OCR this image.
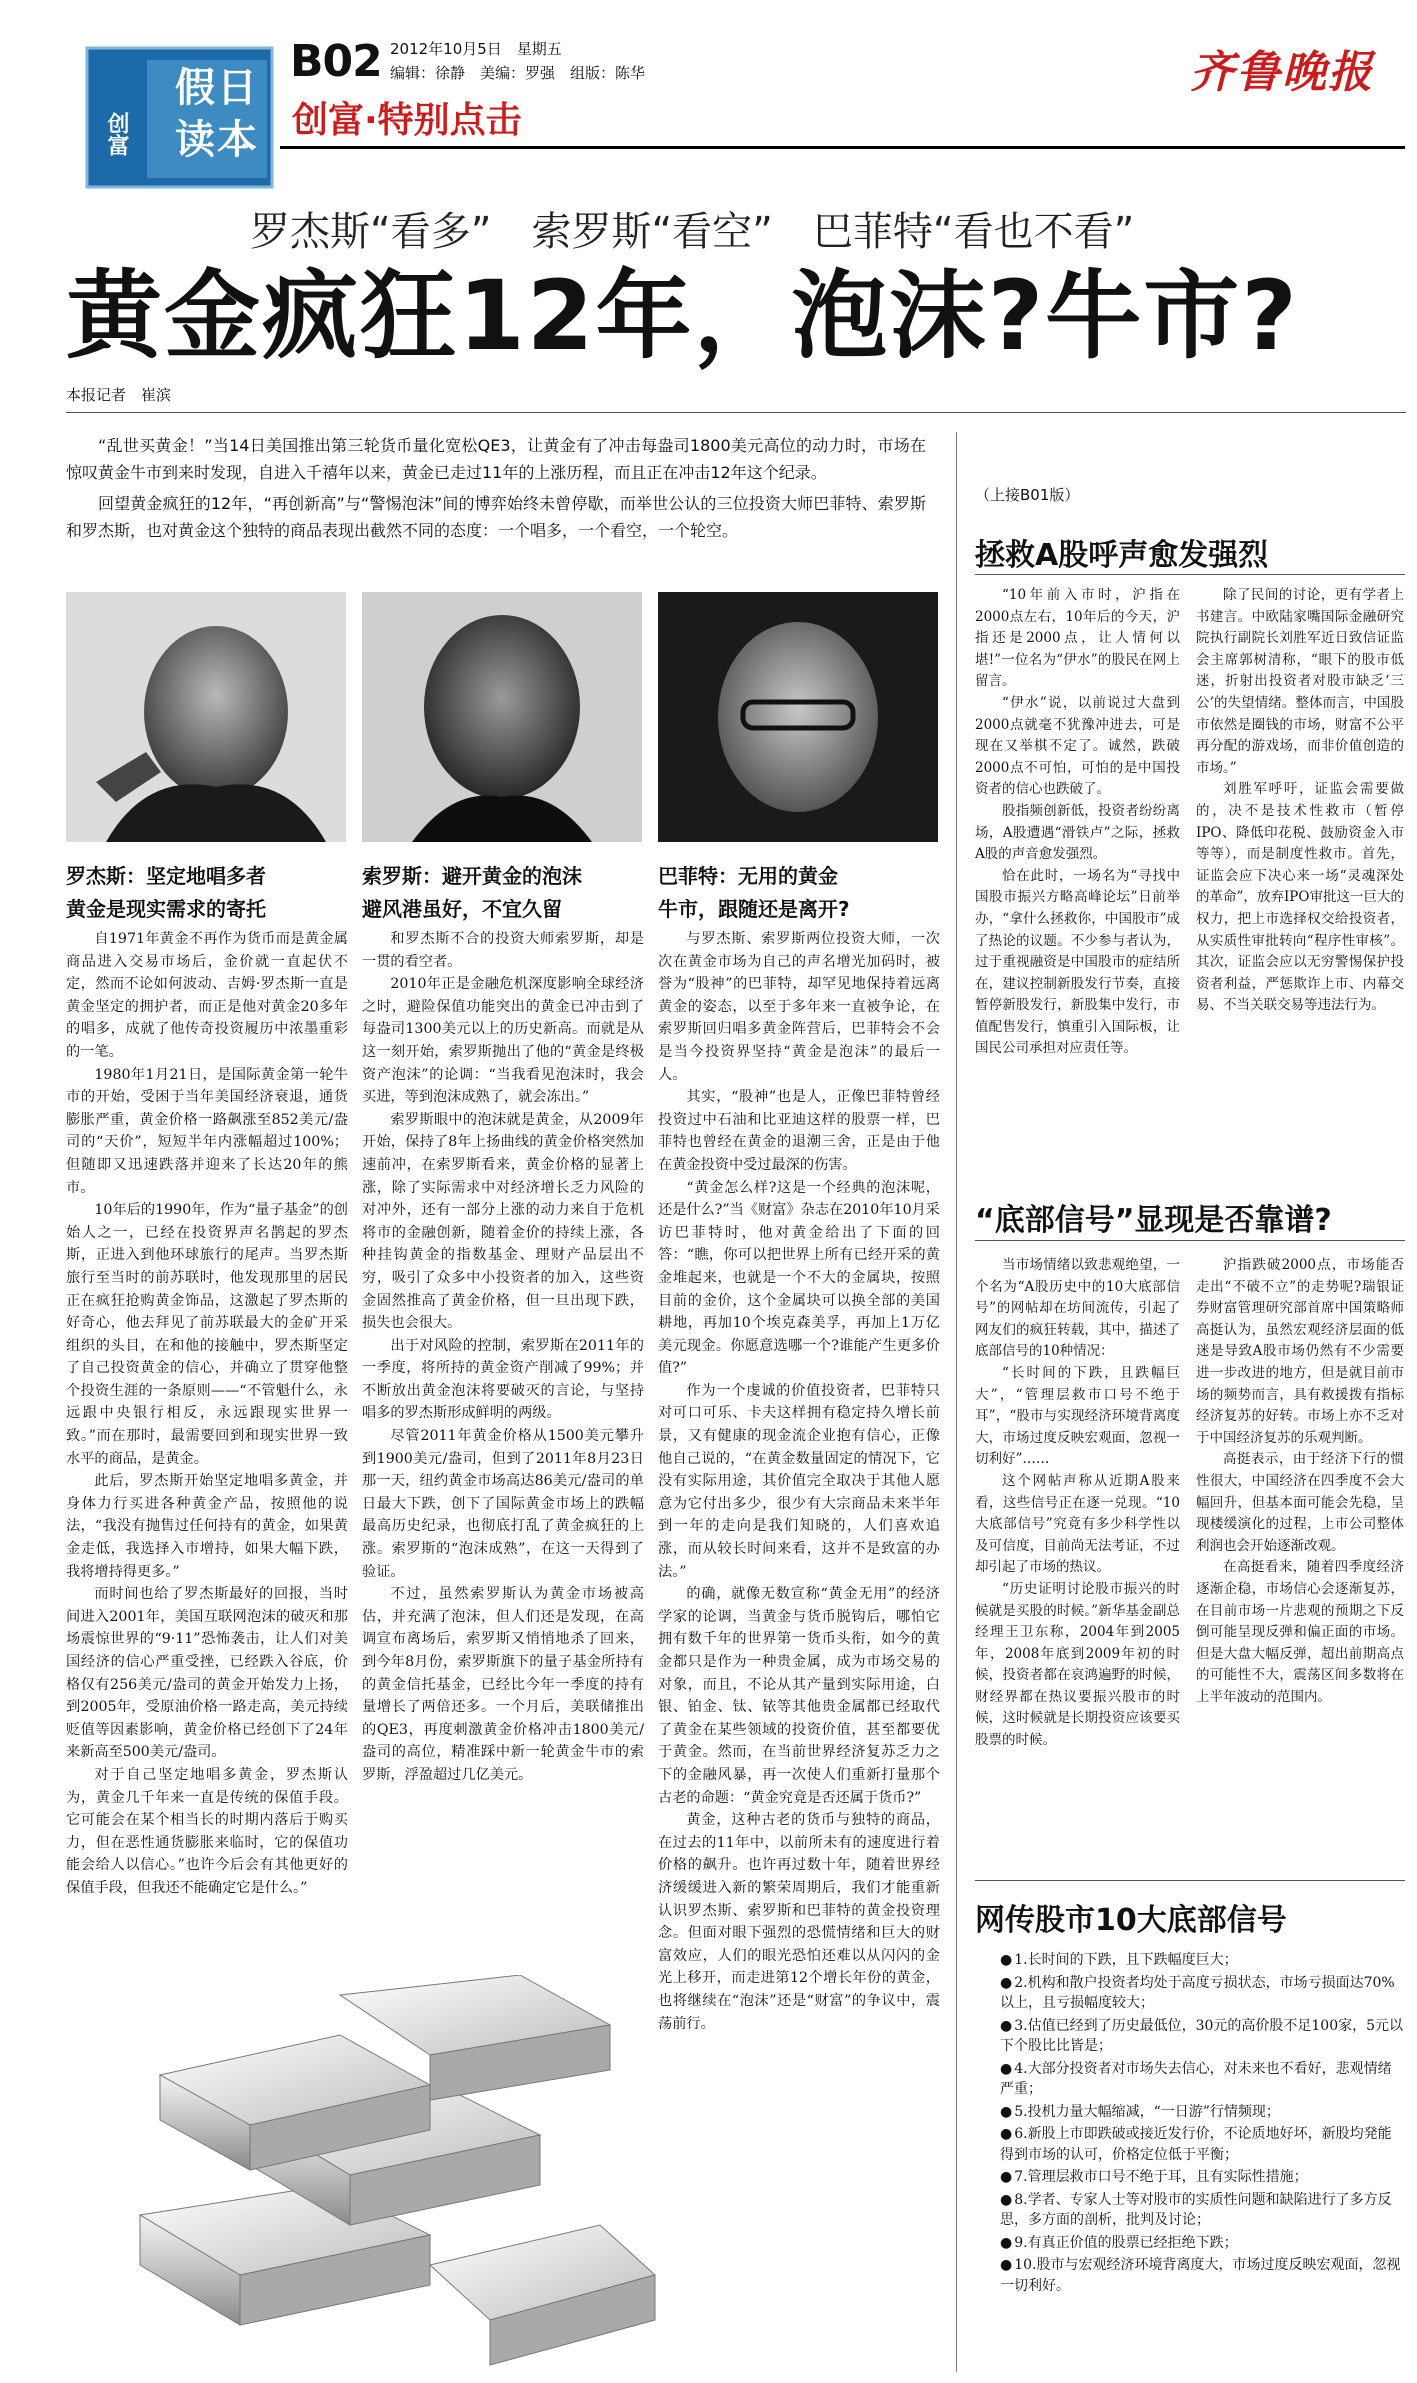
假日
读本
创富
B02 2012年10月5日　星期五
编辑：徐静　美编：罗强　组版：陈华	齐鲁晚报
创富·特别点击
罗杰斯“看多”　索罗斯“看空”　巴菲特“看也不看”
黄金疯狂12年，泡沫?牛市?
本报记者　崔滨

“乱世买黄金！”当14日美国推出第三轮货币量化宽松QE3，让黄金有了冲击每盎司1800美元高位的动力时，市场在惊叹黄金牛市到来时发现，自进入千禧年以来，黄金已走过11年的上涨历程，而且正在冲击12年这个纪录。

回望黄金疯狂的12年，“再创新高”与“警惕泡沫”间的博弈始终未曾停歇，而举世公认的三位投资大师巴菲特、索罗斯和罗杰斯，也对黄金这个独特的商品表现出截然不同的态度：一个唱多，一个看空，一个轮空。

罗杰斯：坚定地唱多者
黄金是现实需求的寄托
索罗斯：避开黄金的泡沫
避风港虽好，不宜久留
巴菲特：无用的黄金
牛市，跟随还是离开?

自1971年黄金不再作为货币而是黄金属商品进入交易市场后，金价就一直起伏不定，然而不论如何波动、吉姆·罗杰斯一直是黄金坚定的拥护者，而正是他对黄金20多年的唱多，成就了他传奇投资履历中浓墨重彩的一笔。

1980年1月21日，是国际黄金第一轮牛市的开始，受困于当年美国经济衰退，通货膨胀严重，黄金价格一路飙涨至852美元/盎司的“天价”，短短半年内涨幅超过100%；但随即又迅速跌落并迎来了长达20年的熊市。

10年后的1990年，作为“量子基金”的创始人之一，已经在投资界声名鹊起的罗杰斯，正进入到他环球旅行的尾声。当罗杰斯旅行至当时的前苏联时，他发现那里的居民正在疯狂抢购黄金饰品，这激起了罗杰斯的好奇心，他去拜见了前苏联最大的金矿开采组织的头目，在和他的接触中，罗杰斯坚定了自己投资黄金的信心，并确立了贯穿他整个投资生涯的一条原则——“不管魁什么，永远跟中央银行相反，永远跟现实世界一致。”而在那时，最需要回到和现实世界一致水平的商品，是黄金。

此后，罗杰斯开始坚定地唱多黄金，并身体力行买进各种黄金产品，按照他的说法，“我没有抛售过任何持有的黄金，如果黄金走低，我选择入市增持，如果大幅下跌，我将增持得更多。”

而时间也给了罗杰斯最好的回报，当时间进入2001年，美国互联网泡沫的破灭和那场震惊世界的“9·11”恐怖袭击，让人们对美国经济的信心严重受挫，已经跌入谷底，价格仅有256美元/盎司的黄金开始发力上扬，到2005年，受原油价格一路走高，美元持续贬值等因素影响，黄金价格已经创下了24年来新高至500美元/盎司。

对于自己坚定地唱多黄金，罗杰斯认为，黄金几千年来一直是传统的保值手段。它可能会在某个相当长的时期内落后于购买力，但在恶性通货膨胀来临时，它的保值功能会给人以信心。”也许今后会有其他更好的保值手段，但我还不能确定它是什么。”

和罗杰斯不合的投资大师索罗斯，却是一贯的看空者。

2010年正是金融危机深度影响全球经济之时，避险保值功能突出的黄金已冲击到了每盎司1300美元以上的历史新高。而就是从这一刻开始，索罗斯抛出了他的“黄金是终极资产泡沫”的论调：“当我看见泡沫时，我会买进，等到泡沫成熟了，就会冻出。”

索罗斯眼中的泡沫就是黄金，从2009年开始，保持了8年上扬曲线的黄金价格突然加速前冲，在索罗斯看来，黄金价格的显著上涨，除了实际需求中对经济增长乏力风险的对冲外，还有一部分上涨的动力来自于危机将市的金融创新，随着金价的持续上涨，各种挂钩黄金的指数基金、理财产品层出不穷，吸引了众多中小投资者的加入，这些资金固然推高了黄金价格，但一旦出现下跌，损失也会很大。

出于对风险的控制，索罗斯在2011年的一季度，将所持的黄金资产削减了99%；并不断放出黄金泡沫将要破灭的言论，与坚持唱多的罗杰斯形成鲜明的两级。

尽管2011年黄金价格从1500美元攀升到1900美元/盎司，但到了2011年8月23日那一天，纽约黄金市场高达86美元/盎司的单日最大下跌，创下了国际黄金市场上的跌幅最高历史纪录，也彻底打乱了黄金疯狂的上涨。索罗斯的“泡沫成熟”，在这一天得到了验证。

不过，虽然索罗斯认为黄金市场被高估，并充满了泡沫，但人们还是发现，在高调宣布离场后，索罗斯又悄悄地杀了回来，到今年8月份，索罗斯旗下的量子基金所持有的黄金信托基金，已经比今年一季度的持有量增长了两倍还多。一个月后，美联储推出的QE3，再度刺激黄金价格冲击1800美元/盎司的高位，精准踩中新一轮黄金牛市的索罗斯，浮盈超过几亿美元。

与罗杰斯、索罗斯两位投资大师，一次次在黄金市场为自己的声名增光加码时，被誉为“股神”的巴菲特，却罕见地保持着远离黄金的姿态，以至于多年来一直被争论，在索罗斯回归唱多黄金阵营后，巴菲特会不会是当今投资界坚持“黄金是泡沫”的最后一人。

其实，“股神”也是人，正像巴菲特曾经投资过中石油和比亚迪这样的股票一样，巴菲特也曾经在黄金的退潮三舍，正是由于他在黄金投资中受过最深的伤害。

“黄金怎么样?这是一个经典的泡沫呢，还是什么?”当《财富》杂志在2010年10月采访巴菲特时，他对黄金给出了下面的回答：“瞧，你可以把世界上所有已经开采的黄金堆起来，也就是一个不大的金属块，按照目前的金价，这个金属块可以换全部的美国耕地，再加10个埃克森美孚，再加上1万亿美元现金。你愿意选哪一个?谁能产生更多价值?”

作为一个虔诚的价值投资者，巴菲特只对可口可乐、卡夫这样拥有稳定持久增长前景，又有健康的现金流企业抱有信心，正像他自己说的，“在黄金数量固定的情况下，它没有实际用途，其价值完全取决于其他人愿意为它付出多少，很少有大宗商品未来半年到一年的走向是我们知晓的，人们喜欢追涨，而从较长时间来看，这并不是致富的办法。”

的确，就像无数宣称“黄金无用”的经济学家的论调，当黄金与货币脱钩后，哪怕它拥有数千年的世界第一货币头衔，如今的黄金都只是作为一种贵金属，成为市场交易的对象，而且，不论从其产量到实际用途，白银、铂金、钛、铱等其他贵金属都已经取代了黄金在某些领域的投资价值，甚至都要优于黄金。然而，在当前世界经济复苏乏力之下的金融风暴，再一次使人们重新打量那个古老的命题：“黄金究竟是否还属于货币?”

黄金，这种古老的货币与独特的商品，在过去的11年中，以前所未有的速度进行着价格的飙升。也许再过数十年，随着世界经济缓缓进入新的繁荣周期后，我们才能重新认识罗杰斯、索罗斯和巴菲特的黄金投资理念。但面对眼下强烈的恐慌情绪和巨大的财富效应，人们的眼光恐怕还难以从闪闪的金光上移开，而走进第12个增长年份的黄金，也将继续在“泡沫”还是“财富”的争议中，震荡前行。

（上接B01版）
拯救A股呼声愈发强烈

“10年前入市时，沪指在2000点左右，10年后的今天，沪指还是2000点，让人情何以堪!”一位名为“伊水”的股民在网上留言。

“伊水”说，以前说过大盘到2000点就毫不犹豫冲进去，可是现在又举棋不定了。诚然，跌破2000点不可怕，可怕的是中国投资者的信心也跌破了。

股指频创新低，投资者纷纷离场，A股遭遇“滑铁卢”之际，拯救A股的声音愈发强烈。

恰在此时，一场名为“寻找中国股市振兴方略高峰论坛”日前举办，“拿什么拯救你，中国股市”成了热论的议题。不少参与者认为，过于重视融资是中国股市的症结所在，建议控制新股发行节奏，直接暂停新股发行，新股集中发行，市值配售发行，慎重引入国际板，让国民公司承担对应责任等。

除了民间的讨论，更有学者上书建言。中欧陆家嘴国际金融研究院执行副院长刘胜军近日致信证监会主席郭树清称，“眼下的股市低迷，折射出投资者对股市缺乏‘三公’的失望情绪。整体而言，中国股市依然是圈钱的市场，财富不公平再分配的游戏场，而非价值创造的市场。”

刘胜军呼吁，证监会需要做的，决不是技术性救市（暂停IPO、降低印花税、鼓励资金入市等等），而是制度性救市。首先，证监会应下决心来一场“灵魂深处的革命”，放弃IPO审批这一巨大的权力，把上市选择权交给投资者，从实质性审批转向“程序性审核”。其次，证监会应以无穷警惕保护投资者利益，严惩欺诈上市、内幕交易、不当关联交易等违法行为。

“底部信号”显现是否靠谱?

当市场情绪以致悲观绝望，一个名为“A股历史中的10大底部信号”的网帖却在坊间流传，引起了网友们的疯狂转载，其中，描述了底部信号的10种情况：

“长时间的下跌，且跌幅巨大”，“管理层救市口号不绝于耳”，“股市与实现经济环境背离度大，市场过度反映宏观面，忽视一切利好”……

这个网帖声称从近期A股来看，这些信号正在逐一兑现。“10大底部信号”究竟有多少科学性以及可信度，目前尚无法考证，不过却引起了市场的热议。

“历史证明讨论股市振兴的时候就是买股的时候。”新华基金副总经理王卫东称，2004年到2005年，2008年底到2009年初的时候，投资者都在哀鸿遍野的时候，财经界都在热议要振兴股市的时候，这时候就是长期投资应该要买股票的时候。

沪指跌破2000点，市场能否走出“不破不立”的走势呢?瑞银证券财富管理研究部首席中国策略师高挺认为，虽然宏观经济层面的低迷是导致A股市场仍然有不少需要进一步改进的地方，但是就目前市场的频势而言，具有救援拨有指标经济复苏的好转。市场上亦不乏对于中国经济复苏的乐观判断。

高挺表示，由于经济下行的惯性很大，中国经济在四季度不会大幅回升，但基本面可能会先稳，呈现楼缓演化的过程，上市公司整体利润也会开始逐渐改观。

在高挺看来，随着四季度经济逐渐企稳，市场信心会逐渐复苏，在目前市场一片悲观的预期之下反倒可能呈现反弹和偏正面的市场。但是大盘大幅反弹，超出前期高点的可能性不大，震荡区间多数将在上半年波动的范围内。

网传股市10大底部信号

● 1.长时间的下跌，且下跌幅度巨大；

● 2.机构和散户投资者均处于高度亏损状态，市场亏损面达70%以上，且亏损幅度较大；

● 3.估值已经到了历史最低位，30元的高价股不足100家，5元以下个股比比皆是；

● 4.大部分投资者对市场失去信心，对未来也不看好，悲观情绪严重；

● 5.投机力量大幅缩减，“一日游”行情频现；

● 6.新股上市即跌破或接近发行价，不论质地好坏，新股均発能得到市场的认可，价格定位低于平衡；

● 7.管理层救市口号不绝于耳，且有实际性措施；

● 8.学者、专家人士等对股市的实质性问题和缺陷进行了多方反思，多方面的剖析，批判及讨论；

● 9.有真正价值的股票已经拒绝下跌；

● 10.股市与宏观经济环境背离度大，市场过度反映宏观面，忽视一切利好。
